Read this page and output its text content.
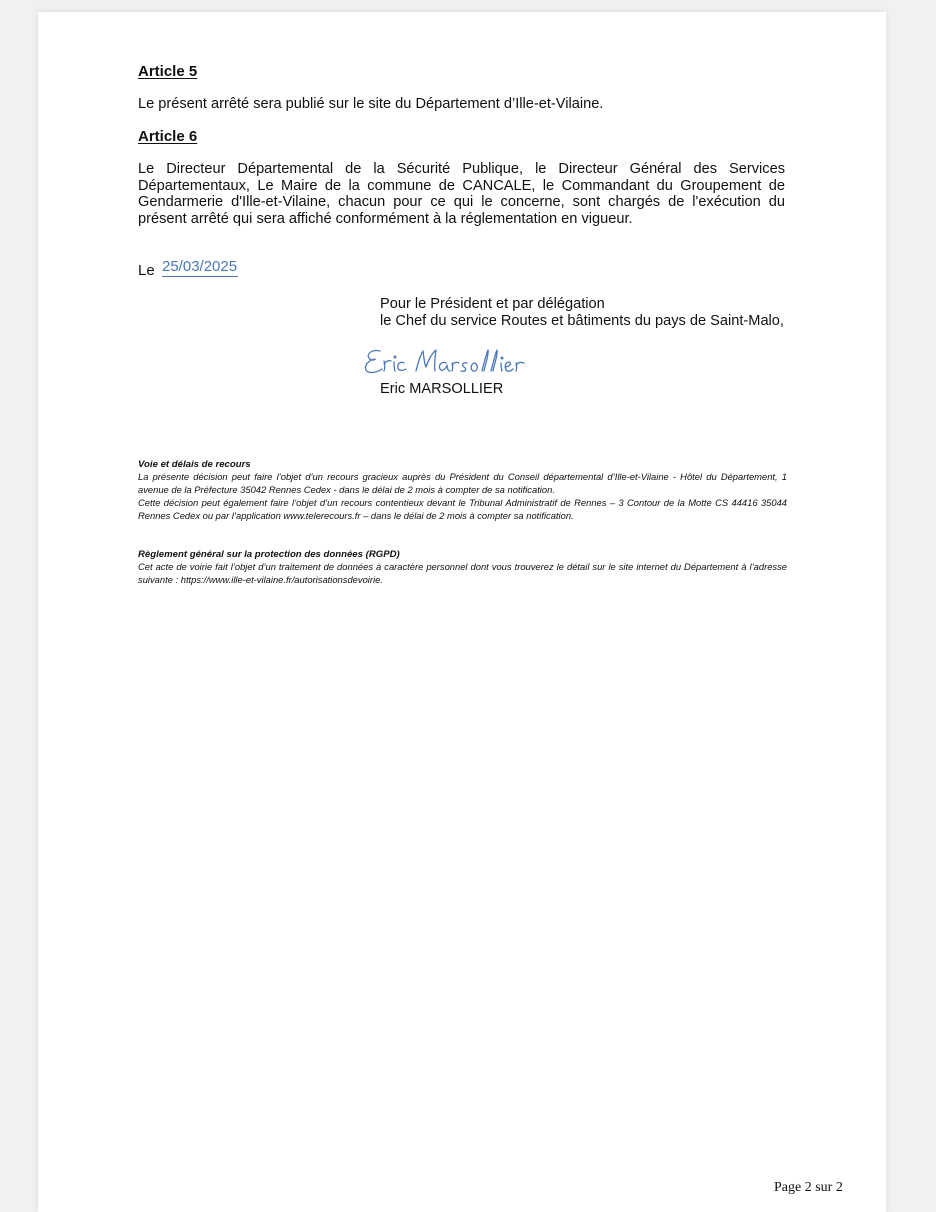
Article 5
Le présent arrêté sera publié sur le site du Département d’Ille-et-Vilaine.
Article 6
Le Directeur Départemental de la Sécurité Publique, le Directeur Général des Services Départementaux, Le Maire de la commune de CANCALE, le Commandant du Groupement de Gendarmerie d'Ille-et-Vilaine, chacun pour ce qui le concerne, sont chargés de l'exécution du présent arrêté qui sera affiché conformément à la réglementation en vigueur.
Le 25/03/2025
Pour le Président et par délégation
le Chef du service Routes et bâtiments du pays de Saint-Malo,
Eric MARSOLLIER
Voie et délais de recours
La présente décision peut faire l’objet d’un recours gracieux auprès du Président du Conseil départemental d’Ille-et-Vilaine - Hôtel du Département, 1 avenue de la Préfecture 35042 Rennes Cedex - dans le délai de 2 mois à compter de sa notification.
Cette décision peut également faire l’objet d’un recours contentieux devant le Tribunal Administratif de Rennes – 3 Contour de la Motte CS 44416 35044 Rennes Cedex ou par l’application www.telerecours.fr – dans le délai de 2 mois à compter sa notification.
Règlement général sur la protection des données (RGPD)
Cet acte de voirie fait l’objet d’un traitement de données à caractère personnel dont vous trouverez le détail sur le site internet du Département à l’adresse suivante : https://www.ille-et-vilaine.fr/autorisationsdevoirie.
Page 2 sur 2
